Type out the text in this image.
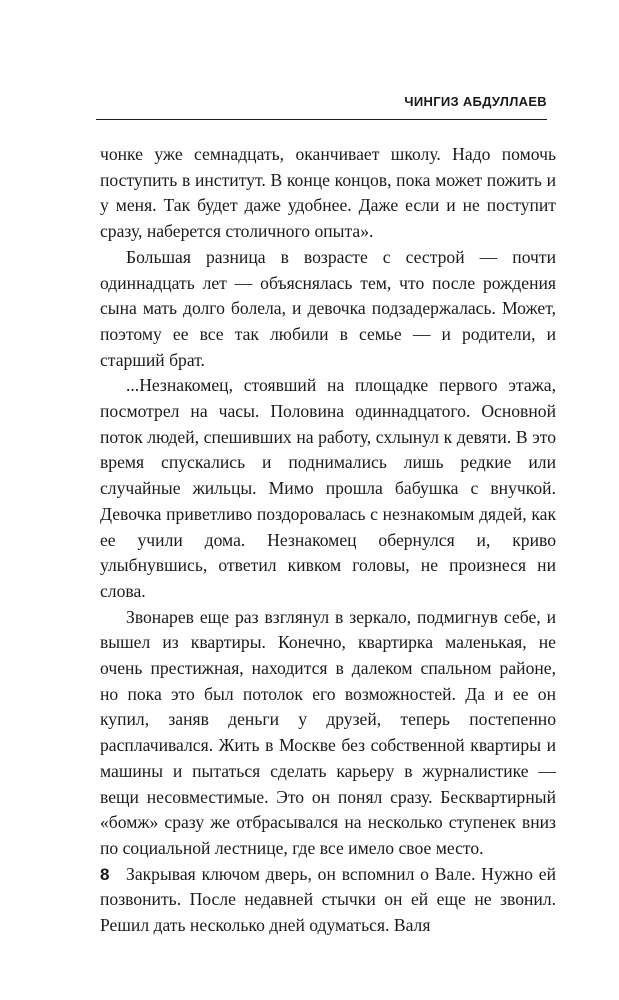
ЧИНГИЗ АБДУЛЛАЕВ

чонке уже семнадцать, оканчивает школу. Надо помочь поступить в институт. В конце концов, пока может пожить и у меня. Так будет даже удобнее. Даже если и не поступит сразу, наберется столичного опыта».

Большая разница в возрасте с сестрой — почти одиннадцать лет — объяснялась тем, что после рождения сына мать долго болела, и девочка подзадержалась. Может, поэтому ее все так любили в семье — и родители, и старший брат.

...Незнакомец, стоявший на площадке первого этажа, посмотрел на часы. Половина одиннадцатого. Основной поток людей, спешивших на работу, схлынул к девяти. В это время спускались и поднимались лишь редкие или случайные жильцы. Мимо прошла бабушка с внучкой. Девочка приветливо поздоровалась с незнакомым дядей, как ее учили дома. Незнакомец обернулся и, криво улыбнувшись, ответил кивком головы, не произнеся ни слова.

Звонарев еще раз взглянул в зеркало, подмигнув себе, и вышел из квартиры. Конечно, квартирка маленькая, не очень престижная, находится в далеком спальном районе, но пока это был потолок его возможностей. Да и ее он купил, заняв деньги у друзей, теперь постепенно расплачивался. Жить в Москве без собственной квартиры и машины и пытаться сделать карьеру в журналистике — вещи несовместимые. Это он понял сразу. Бесквартирный «бомж» сразу же отбрасывался на несколько ступенек вниз по социальной лестнице, где все имело свое место.

Закрывая ключом дверь, он вспомнил о Вале. Нужно ей позвонить. После недавней стычки он ей еще не звонил. Решил дать несколько дней одуматься. Валя

8
